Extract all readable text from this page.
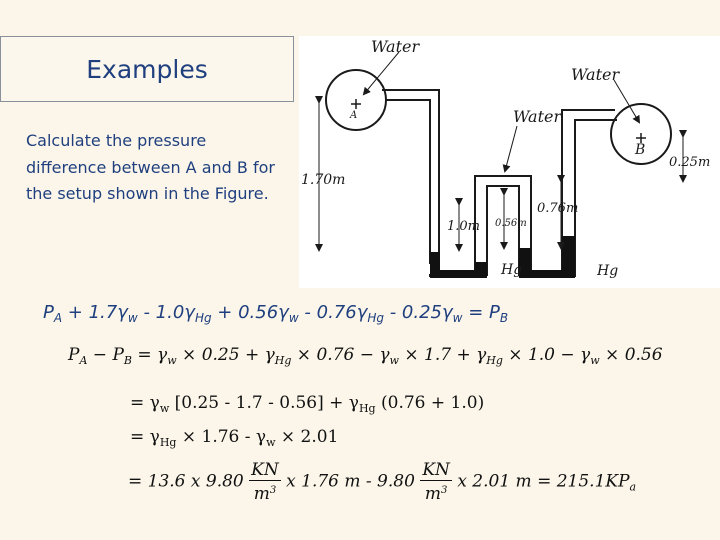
Examples
Calculate the pressure difference between A and B for the setup shown in the Figure.
Water
Water
Water
A
B
1.70m
1.0m 0.56m
0.76m
0.25m
Hg	Hg
$P_A + 1.7\gamma_w - 1.0\gamma_{Hg} + 0.56\gamma_w - 0.76\gamma_{Hg} - 0.25\gamma_w = P_B$
$P_A - P_B = \gamma_w \times 0.25 + \gamma_{Hg} \times 0.76 - \gamma_w \times 1.7 + \gamma_{Hg} \times 1.0 - \gamma_w \times 0.56$
= $\gamma_w$ $[0.25 - 1.7 - 0.56] + \gamma_{Hg}$ (0.76 + 1.0)
= $\gamma_{Hg} \times 1.76 - \gamma_w \times 2.01$
= 13.6 x $9.80 \frac{KN}{m^3}$ x 1.76 m - $9.80 \frac{KN}{m^3}$ x 2.01 $m = 215.1KP_a$
